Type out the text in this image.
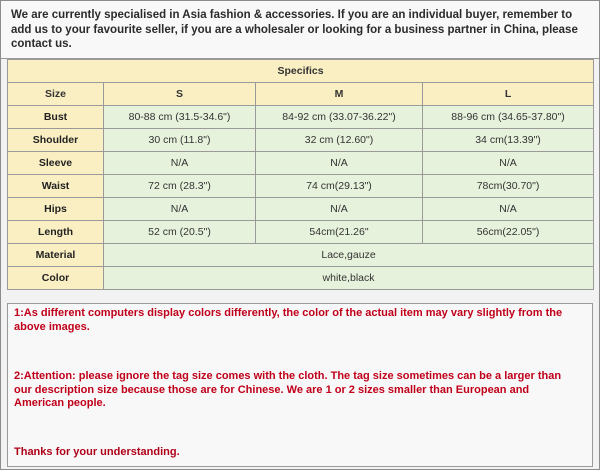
We are currently specialised in Asia fashion & accessories. If you are an individual buyer, remember to add us to your favourite seller, if you are a wholesaler or looking for a business partner in China, please contact us.

Specifics			
Size	S	M	L
Bust	80-88 cm (31.5-34.6")	84-92 cm (33.07-36.22")	88-96 cm (34.65-37.80")
Shoulder	30 cm (11.8")	32 cm (12.60")	34 cm(13.39")
Sleeve	N/A	N/A	N/A
Waist	72 cm (28.3")	74 cm(29.13")	78cm(30.70")
Hips	N/A	N/A	N/A
Length	52 cm (20.5")	54cm(21.26"	56cm(22.05")
Material	Lace,gauze		
Color	white,black		

1:As different computers display colors differently, the color of the actual item may vary slightly from the above images.

2:Attention: please ignore the tag size comes with the cloth. The tag size sometimes can be a larger than our description size because those are for Chinese. We are 1 or 2 sizes smaller than European and American people.

Thanks for your understanding.
